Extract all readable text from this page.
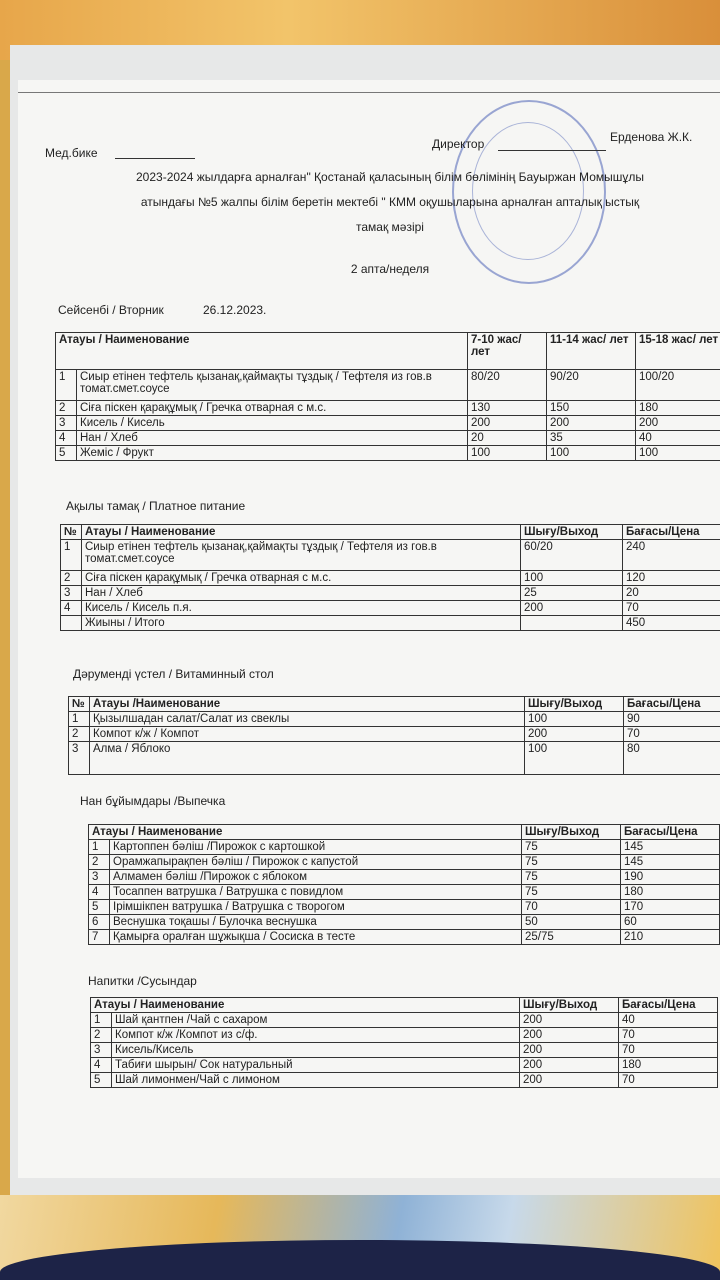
Мед.бике
Директор	Ерденова Ж.К.
2023-2024 жылдарға арналған" Қостанай қаласының білім бөлімінің Бауыржан Момышұлы
атындағы №5 жалпы білім беретін мектебі " КММ оқушыларына арналған апталық ыстық
тамақ мәзірі
2 апта/неделя
Сейсенбі / Вторник	26.12.2023.
Атауы / Наименование		7-10 жас/ лет	11-14 жас/ лет	15-18 жас/ лет
1	Сиыр етінен тефтель қызанақ,қаймақты тұздық / Тефтеля из гов.в томат.смет.соусе	80/20	90/20	100/20
2	Сіға піскен қарақұмық / Гречка отварная с м.с.	130	150	180
3	Кисель / Кисель	200	200	200
4	Нан / Хлеб	20	35	40
5	Жеміс / Фрукт	100	100	100
Ақылы тамақ / Платное питание
№	Атауы / Наименование	Шығу/Выход	Бағасы/Цена
1	Сиыр етінен тефтель қызанақ,қаймақты тұздық / Тефтеля из гов.в томат.смет.соусе	60/20	240
2	Сіға піскен қарақұмық / Гречка отварная с м.с.	100	120
3	Нан / Хлеб	25	20
4	Кисель / Кисель п.я.	200	70
	Жиыны / Итого		450
Дәрумендi үстел / Витаминный стол
№	Атауы /Наименование	Шығу/Выход	Бағасы/Цена
1	Қызылшадан салат/Салат из свеклы	100	90
2	Компот к/ж / Компот	200	70
3	Алма / Яблоко	100	80
Нан бұйымдары /Выпечка
Атауы / Наименование		Шығу/Выход	Бағасы/Цена
1	Картоппен бәліш /Пирожок с картошкой	75	145
2	Орамжапырақпен бәліш / Пирожок с капустой	75	145
3	Алмамен бәліш /Пирожок с яблоком	75	190
4	Тосаппен ватрушка / Ватрушка с повидлом	75	180
5	Ірімшікпен ватрушка / Ватрушка с творогом	70	170
6	Веснушка тоқашы / Булочка веснушка	50	60
7	Қамырға оралған шұжықша / Сосиска в тесте	25/75	210
Напитки /Сусындар
Атауы / Наименование		Шығу/Выход	Бағасы/Цена
1	Шай қантпен /Чай с сахаром	200	40
2	Компот к/ж /Компот из с/ф.	200	70
3	Кисель/Кисель	200	70
4	Табиғи шырын/ Сок натуральный	200	180
5	Шай лимонмен/Чай с лимоном	200	70
